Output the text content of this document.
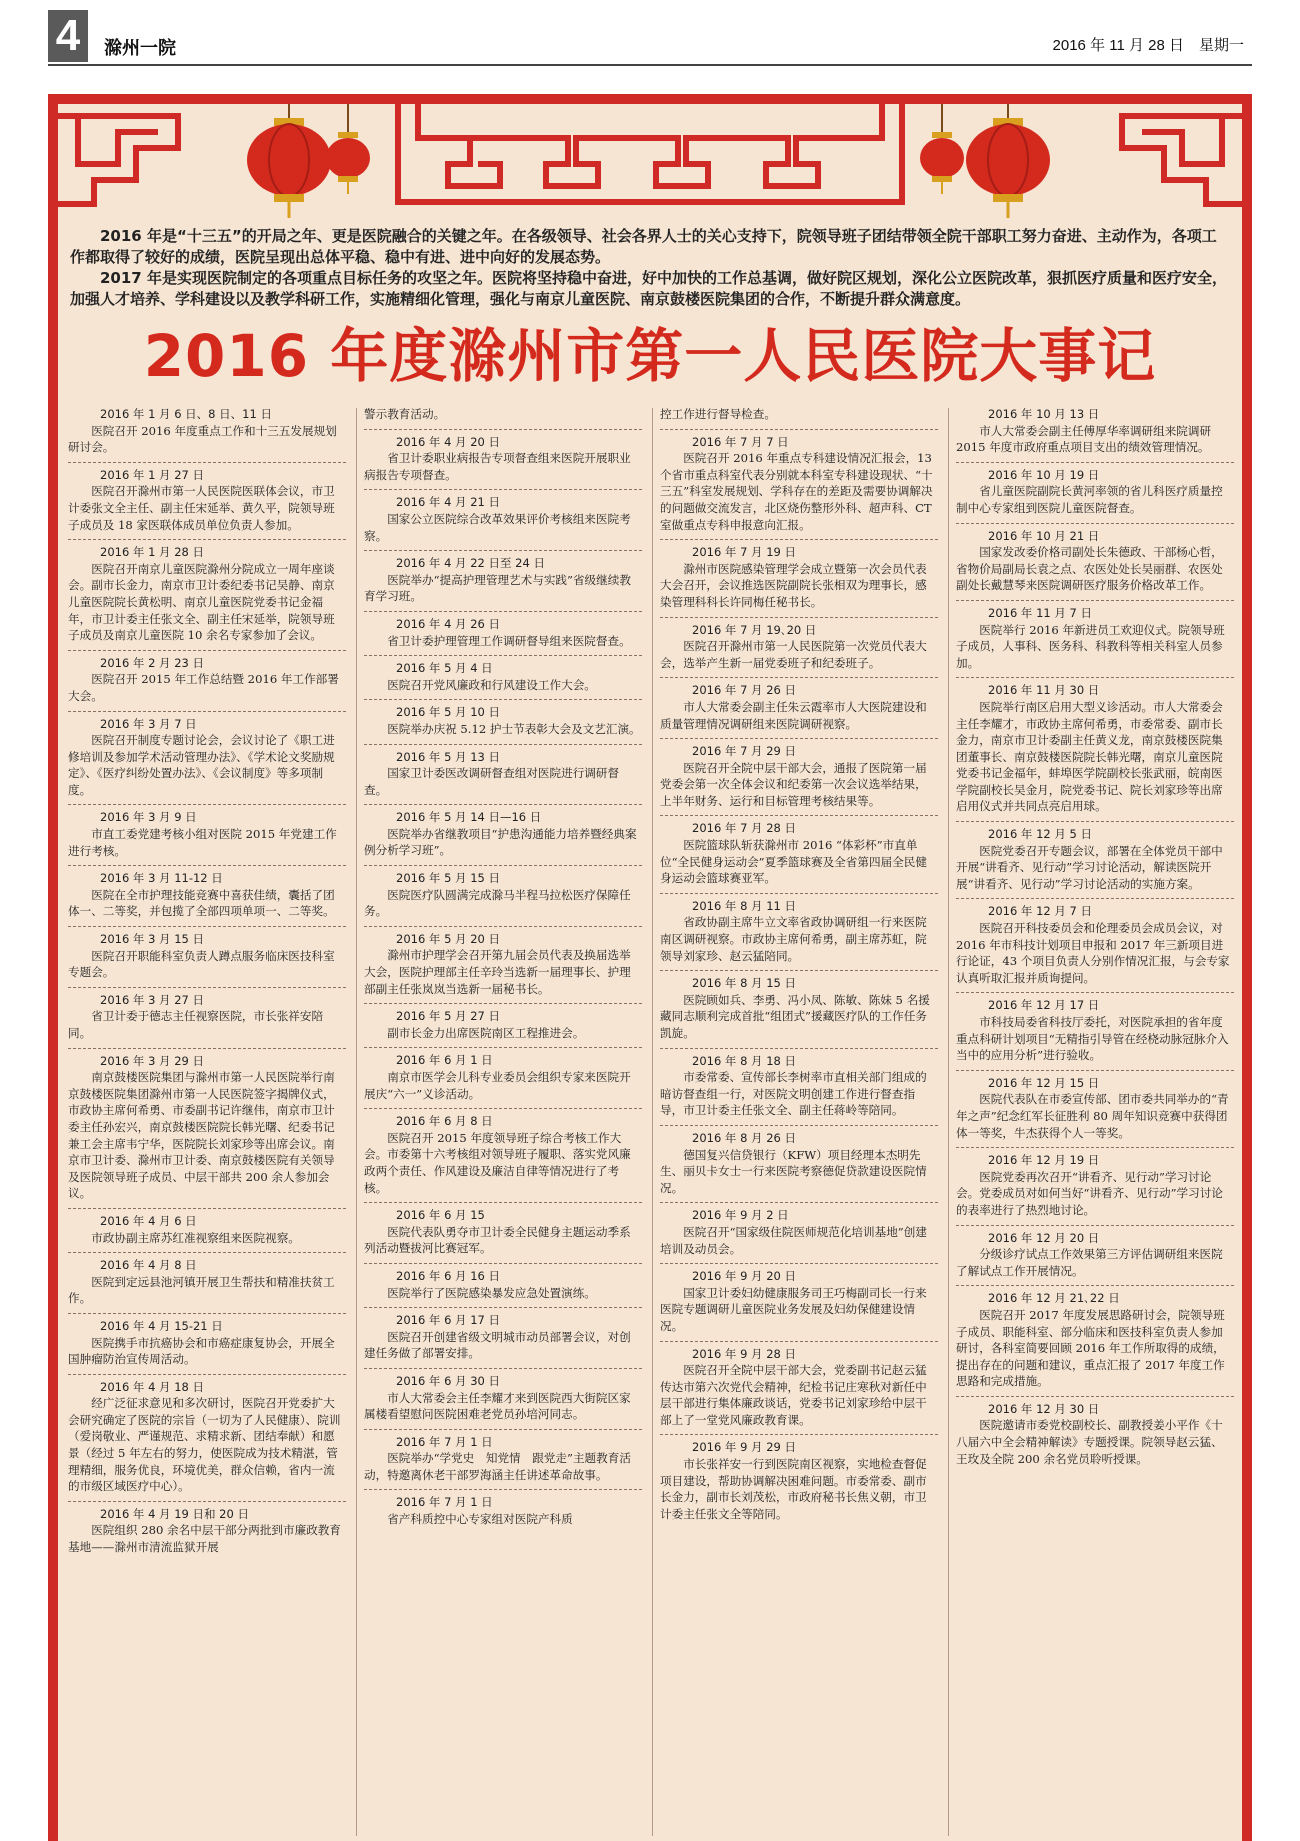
4	滁州一院	2016 年 11 月 28 日　星期一

2016 年是“十三五”的开局之年、更是医院融合的关键之年。在各级领导、社会各界人士的关心支持下，院领导班子团结带领全院干部职工努力奋进、主动作为，各项工作都取得了较好的成绩，医院呈现出总体平稳、稳中有进、进中向好的发展态势。

2017 年是实现医院制定的各项重点目标任务的攻坚之年。医院将坚持稳中奋进，好中加快的工作总基调，做好院区规划，深化公立医院改革，狠抓医疗质量和医疗安全，加强人才培养、学科建设以及教学科研工作，实施精细化管理，强化与南京儿童医院、南京鼓楼医院集团的合作，不断提升群众满意度。

2016 年度滁州市第一人民医院大事记
2016 年 1 月 6 日、8 日、11 日
医院召开 2016 年度重点工作和十三五发展规划研讨会。
2016 年 1 月 27 日
医院召开滁州市第一人民医院医联体会议，市卫计委张文全主任、副主任宋延举、黄久平，院领导班子成员及 18 家医联体成员单位负责人参加。
2016 年 1 月 28 日
医院召开南京儿童医院滁州分院成立一周年座谈会。副市长金力，南京市卫计委纪委书记吴静、南京儿童医院院长黄松明、南京儿童医院党委书记金福年，市卫计委主任张文全、副主任宋延举，院领导班子成员及南京儿童医院 10 余名专家参加了会议。
2016 年 2 月 23 日
医院召开 2015 年工作总结暨 2016 年工作部署大会。
2016 年 3 月 7 日
医院召开制度专题讨论会，会议讨论了《职工进修培训及参加学术活动管理办法》、《学术论文奖励规定》、《医疗纠纷处置办法》、《会议制度》等多项制度。
2016 年 3 月 9 日
市直工委党建考核小组对医院 2015 年党建工作进行考核。
2016 年 3 月 11-12 日
医院在全市护理技能竞赛中喜获佳绩，囊括了团体一、二等奖，并包揽了全部四项单项一、二等奖。
2016 年 3 月 15 日
医院召开职能科室负责人蹲点服务临床医技科室专题会。
2016 年 3 月 27 日
省卫计委于德志主任视察医院，市长张祥安陪同。
2016 年 3 月 29 日
南京鼓楼医院集团与滁州市第一人民医院举行南京鼓楼医院集团滁州市第一人民医院签字揭牌仪式，市政协主席何希勇、市委副书记许继伟，南京市卫计委主任孙宏兴，南京鼓楼医院院长韩光曙、纪委书记兼工会主席韦宁华，医院院长刘家珍等出席会议。南京市卫计委、滁州市卫计委、南京鼓楼医院有关领导及医院领导班子成员、中层干部共 200 余人参加会议。
2016 年 4 月 6 日
市政协副主席苏红准视察组来医院视察。
2016 年 4 月 8 日
医院到定远县池河镇开展卫生帮扶和精准扶贫工作。
2016 年 4 月 15-21 日
医院携手市抗癌协会和市癌症康复协会，开展全国肿瘤防治宣传周活动。
2016 年 4 月 18 日
经广泛征求意见和多次研讨，医院召开党委扩大会研究确定了医院的宗旨（一切为了人民健康）、院训（爱岗敬业、严谨规范、求精求新、团结奉献）和愿景（经过 5 年左右的努力，使医院成为技术精湛，管理精细，服务优良，环境优美，群众信赖，省内一流的市级区域医疗中心）。
2016 年 4 月 19 日和 20 日
医院组织 280 余名中层干部分两批到市廉政教育基地——滁州市清流监狱开展
警示教育活动。
2016 年 4 月 20 日
省卫计委职业病报告专项督查组来医院开展职业病报告专项督查。
2016 年 4 月 21 日
国家公立医院综合改革效果评价考核组来医院考察。
2016 年 4 月 22 日至 24 日
医院举办“提高护理管理艺术与实践”省级继续教育学习班。
2016 年 4 月 26 日
省卫计委护理管理工作调研督导组来医院督查。
2016 年 5 月 4 日
医院召开党风廉政和行风建设工作大会。
2016 年 5 月 10 日
医院举办庆祝 5.12 护士节表彰大会及文艺汇演。
2016 年 5 月 13 日
国家卫计委医改调研督查组对医院进行调研督查。
2016 年 5 月 14 日—16 日
医院举办省继教项目“护患沟通能力培养暨经典案例分析学习班”。
2016 年 5 月 15 日
医院医疗队圆满完成滁马半程马拉松医疗保障任务。
2016 年 5 月 20 日
滁州市护理学会召开第九届会员代表及换届选举大会，医院护理部主任辛玲当选新一届理事长、护理部副主任张岚岚当选新一届秘书长。
2016 年 5 月 27 日
副市长金力出席医院南区工程推进会。
2016 年 6 月 1 日
南京市医学会儿科专业委员会组织专家来医院开展庆“六一”义诊活动。
2016 年 6 月 8 日
医院召开 2015 年度领导班子综合考核工作大会。市委第十六考核组对领导班子履职、落实党风廉政两个责任、作风建设及廉洁自律等情况进行了考核。
2016 年 6 月 15
医院代表队勇夺市卫计委全民健身主题运动季系列活动暨拔河比赛冠军。
2016 年 6 月 16 日
医院举行了医院感染暴发应急处置演练。
2016 年 6 月 17 日
医院召开创建省级文明城市动员部署会议，对创建任务做了部署安排。
2016 年 6 月 30 日
市人大常委会主任李耀才来到医院西大街院区家属楼看望慰问医院困难老党员孙培河同志。
2016 年 7 月 1 日
医院举办“学党史　知党情　跟党走”主题教育活动，特邀离休老干部罗海涵主任讲述革命故事。
2016 年 7 月 1 日
省产科质控中心专家组对医院产科质
控工作进行督导检查。
2016 年 7 月 7 日
医院召开 2016 年重点专科建设情况汇报会，13 个省市重点科室代表分别就本科室专科建设现状、“十三五”科室发展规划、学科存在的差距及需要协调解决的问题做交流发言，北区烧伤整形外科、超声科、CT 室做重点专科申报意向汇报。
2016 年 7 月 19 日
滁州市医院感染管理学会成立暨第一次会员代表大会召开，会议推选医院副院长张相双为理事长，感染管理科科长许同梅任秘书长。
2016 年 7 月 19､20 日
医院召开滁州市第一人民医院第一次党员代表大会，选举产生新一届党委班子和纪委班子。
2016 年 7 月 26 日
市人大常委会副主任朱云霞率市人大医院建设和质量管理情况调研组来医院调研视察。
2016 年 7 月 29 日
医院召开全院中层干部大会，通报了医院第一届党委会第一次全体会议和纪委第一次会议选举结果，上半年财务、运行和目标管理考核结果等。
2016 年 7 月 28 日
医院篮球队斩获滁州市 2016 “体彩杯”市直单位“全民健身运动会”夏季篮球赛及全省第四届全民健身运动会篮球赛亚军。
2016 年 8 月 11 日
省政协副主席牛立文率省政协调研组一行来医院南区调研视察。市政协主席何希勇，副主席苏虹，院领导刘家珍、赵云猛陪同。
2016 年 8 月 15 日
医院顾如兵、李勇、冯小凤、陈敏、陈妹 5 名援藏同志顺利完成首批“组团式”援藏医疗队的工作任务凯旋。
2016 年 8 月 18 日
市委常委、宣传部长李树率市直相关部门组成的暗访督查组一行，对医院文明创建工作进行督查指导，市卫计委主任张文全、副主任蒋岭等陪同。
2016 年 8 月 26 日
德国复兴信贷银行（KFW）项目经理本杰明先生、丽贝卡女士一行来医院考察德促贷款建设医院情况。
2016 年 9 月 2 日
医院召开“国家级住院医师规范化培训基地”创建培训及动员会。
2016 年 9 月 20 日
国家卫计委妇幼健康服务司王巧梅副司长一行来医院专题调研儿童医院业务发展及妇幼保健建设情况。
2016 年 9 月 28 日
医院召开全院中层干部大会，党委副书记赵云猛传达市第六次党代会精神，纪检书记庄寒秋对新任中层干部进行集体廉政谈话，党委书记刘家珍给中层干部上了一堂党风廉政教育课。
2016 年 9 月 29 日
市长张祥安一行到医院南区视察，实地检查督促项目建设，帮助协调解决困难问题。市委常委、副市长金力，副市长刘茂松，市政府秘书长焦义朝，市卫计委主任张文全等陪同。
2016 年 10 月 13 日
市人大常委会副主任傅厚华率调研组来院调研 2015 年度市政府重点项目支出的绩效管理情况。
2016 年 10 月 19 日
省儿童医院副院长黄河率领的省儿科医疗质量控制中心专家组到医院儿童医院督查。
2016 年 10 月 21 日
国家发改委价格司副处长朱德政、干部杨心哲，省物价局副局长袁之点、农医处处长吴丽群、农医处副处长戴慧琴来医院调研医疗服务价格改革工作。
2016 年 11 月 7 日
医院举行 2016 年新进员工欢迎仪式。院领导班子成员，人事科、医务科、科教科等相关科室人员参加。
2016 年 11 月 30 日
医院举行南区启用大型义诊活动。市人大常委会主任李耀才，市政协主席何希勇，市委常委、副市长金力，南京市卫计委副主任黄义龙，南京鼓楼医院集团董事长、南京鼓楼医院院长韩光曙，南京儿童医院党委书记金福年，蚌埠医学院副校长张武丽，皖南医学院副校长吴金月，院党委书记、院长刘家珍等出席启用仪式并共同点亮启用球。
2016 年 12 月 5 日
医院党委召开专题会议，部署在全体党员干部中开展“讲看齐、见行动”学习讨论活动，解读医院开展“讲看齐、见行动”学习讨论活动的实施方案。
2016 年 12 月 7 日
医院召开科技委员会和伦理委员会成员会议，对 2016 年市科技计划项目申报和 2017 年三新项目进行论证，43 个项目负责人分别作情况汇报，与会专家认真听取汇报并质询提问。
2016 年 12 月 17 日
市科技局委省科技厅委托，对医院承担的省年度重点科研计划项目“无精指引导管在经桡动脉冠脉介入当中的应用分析”进行验收。
2016 年 12 月 15 日
医院代表队在市委宣传部、团市委共同举办的“青年之声”纪念红军长征胜利 80 周年知识竞赛中获得团体一等奖，牛杰获得个人一等奖。
2016 年 12 月 19 日
医院党委再次召开“讲看齐、见行动”学习讨论会。党委成员对如何当好“讲看齐、见行动”学习讨论的表率进行了热烈地讨论。
2016 年 12 月 20 日
分级诊疗试点工作效果第三方评估调研组来医院了解试点工作开展情况。
2016 年 12 月 21､22 日
医院召开 2017 年度发展思路研讨会，院领导班子成员、职能科室、部分临床和医技科室负责人参加研讨，各科室简要回顾 2016 年工作所取得的成绩，提出存在的问题和建议，重点汇报了 2017 年度工作思路和完成措施。
2016 年 12 月 30 日
医院邀请市委党校副校长、副教授姜小平作《十八届六中全会精神解读》专题授课。院领导赵云猛、王玫及全院 200 余名党员聆听授课。
